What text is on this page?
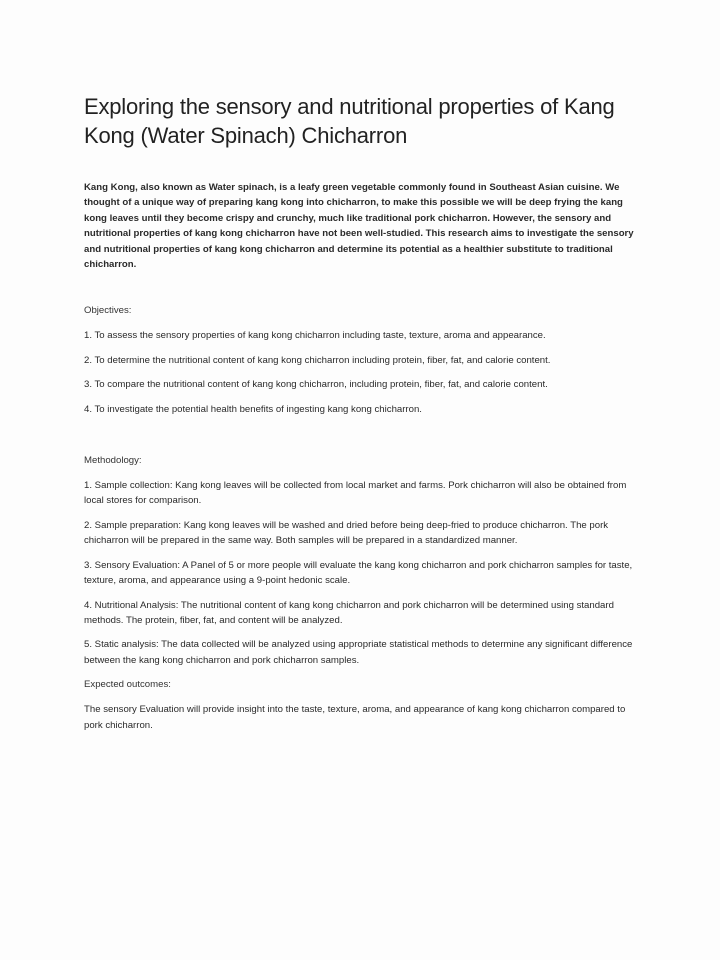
Exploring the sensory and nutritional properties of Kang Kong (Water Spinach) Chicharron

Kang Kong, also known as Water spinach, is a leafy green vegetable commonly found in Southeast Asian cuisine. We thought of a unique way of preparing kang kong into chicharron, to make this possible we will be deep frying the kang kong leaves until they become crispy and crunchy, much like traditional pork chicharron. However, the sensory and nutritional properties of kang kong chicharron have not been well-studied. This research aims to investigate the sensory and nutritional properties of kang kong chicharron and determine its potential as a healthier substitute to traditional chicharron.

Objectives:

1. To assess the sensory properties of kang kong chicharron including taste, texture, aroma and appearance.

2. To determine the nutritional content of kang kong chicharron including protein, fiber, fat, and calorie content.

3. To compare the nutritional content of kang kong chicharron, including protein, fiber, fat, and calorie content.

4. To investigate the potential health benefits of ingesting kang kong chicharron.

Methodology:

1. Sample collection: Kang kong leaves will be collected from local market and farms. Pork chicharron will also be obtained from local stores for comparison.

2. Sample preparation: Kang kong leaves will be washed and dried before being deep-fried to produce chicharron. The pork chicharron will be prepared in the same way. Both samples will be prepared in a standardized manner.

3. Sensory Evaluation: A Panel of 5 or more people will evaluate the kang kong chicharron and pork chicharron samples for taste, texture, aroma, and appearance using a 9-point hedonic scale.

4. Nutritional Analysis: The nutritional content of kang kong chicharron and pork chicharron will be determined using standard methods. The protein, fiber, fat, and content will be analyzed.

5. Static analysis: The data collected will be analyzed using appropriate statistical methods to determine any significant difference between the kang kong chicharron and pork chicharron samples.

Expected outcomes:

The sensory Evaluation will provide insight into the taste, texture, aroma, and appearance of kang kong chicharron compared to pork chicharron.
